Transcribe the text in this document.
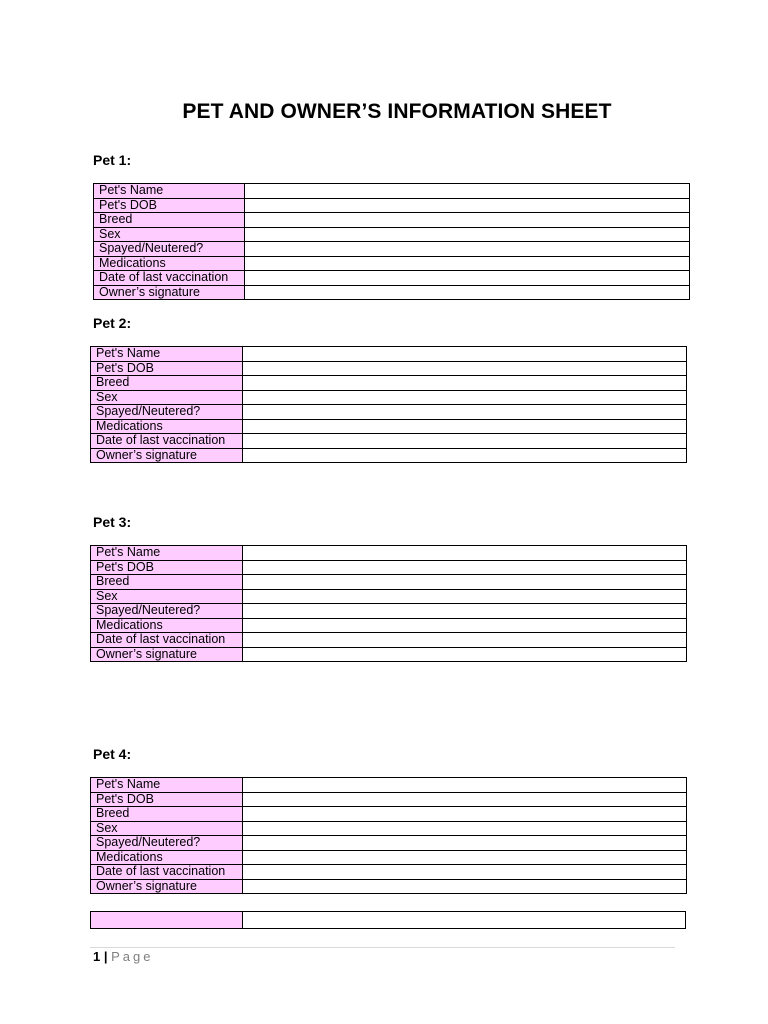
PET AND OWNER’S INFORMATION SHEET
Pet 1:
Pet's Name	
Pet's DOB	
Breed	
Sex	
Spayed/Neutered?	
Medications	
Date of last vaccination	
Owner’s signature	
Pet 2:
Pet's Name	
Pet's DOB	
Breed	
Sex	
Spayed/Neutered?	
Medications	
Date of last vaccination	
Owner’s signature	
Pet 3:
Pet's Name	
Pet's DOB	
Breed	
Sex	
Spayed/Neutered?	
Medications	
Date of last vaccination	
Owner’s signature	
Pet 4:
Pet's Name	
Pet's DOB	
Breed	
Sex	
Spayed/Neutered?	
Medications	
Date of last vaccination	
Owner’s signature	
1 | Page
